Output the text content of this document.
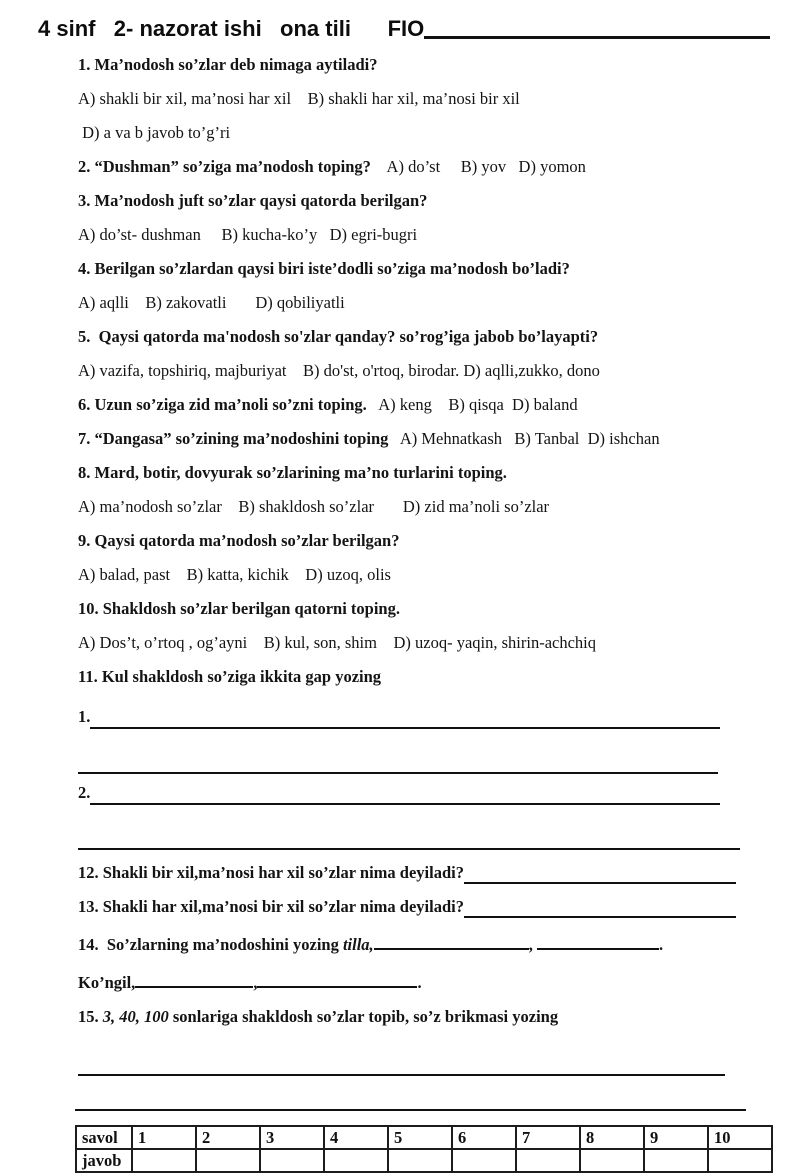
4 sinf   2- nazorat ishi   ona tili      FIO
1. Ma’nodosh so’zlar deb nimaga aytiladi?
A) shakli bir xil, ma’nosi har xil    B) shakli har xil, ma’nosi bir xil
D) a va b javob to’g’ri
2. “Dushman” so’ziga ma’nodosh toping?    A) do’st     B) yov   D) yomon
3. Ma’nodosh juft so’zlar qaysi qatorda berilgan?
A) do’st- dushman     B) kucha-ko’y   D) egri-bugri
4. Berilgan so’zlardan qaysi biri iste’dodli so’ziga ma’nodosh bo’ladi?
A) aqlli    B) zakovatli       D) qobiliyatli
5.  Qaysi qatorda ma'nodosh so'zlar qanday? so’rog’iga jabob bo’layapti?
A) vazifa, topshiriq, majburiyat    B) do'st, o'rtoq, birodar. D) aqlli,zukko, dono
6. Uzun so’ziga zid ma’noli so’zni toping.   A) keng    B) qisqa  D) baland
7. “Dangasa” so’zining ma’nodoshini toping   A) Mehnatkash   B) Tanbal  D) ishchan
8. Mard, botir, dovyurak so’zlarining ma’no turlarini toping.
A) ma’nodosh so’zlar    B) shakldosh so’zlar       D) zid ma’noli so’zlar
9. Qaysi qatorda ma’nodosh so’zlar berilgan?
A) balad, past    B) katta, kichik    D) uzoq, olis
10. Shakldosh so’zlar berilgan qatorni toping.
A) Dos’t, o’rtoq , og’ayni    B) kul, son, shim    D) uzoq- yaqin, shirin-achchiq
11. Kul shakldosh so’ziga ikkita gap yozing
1.
2.
12. Shakli bir xil,ma’nosi har xil so’zlar nima deyiladi?
13. Shakli har xil,ma’nosi bir xil so’zlar nima deyiladi?
14.  So’zlarning ma’nodoshini yozing tilla,	,	.
Ko’ngil,	,	.
15. 3, 40, 100 sonlariga shakldosh so’zlar topib, so’z brikmasi yozing
savol	1	2	3	4	5	6	7	8	9	10
javob										
